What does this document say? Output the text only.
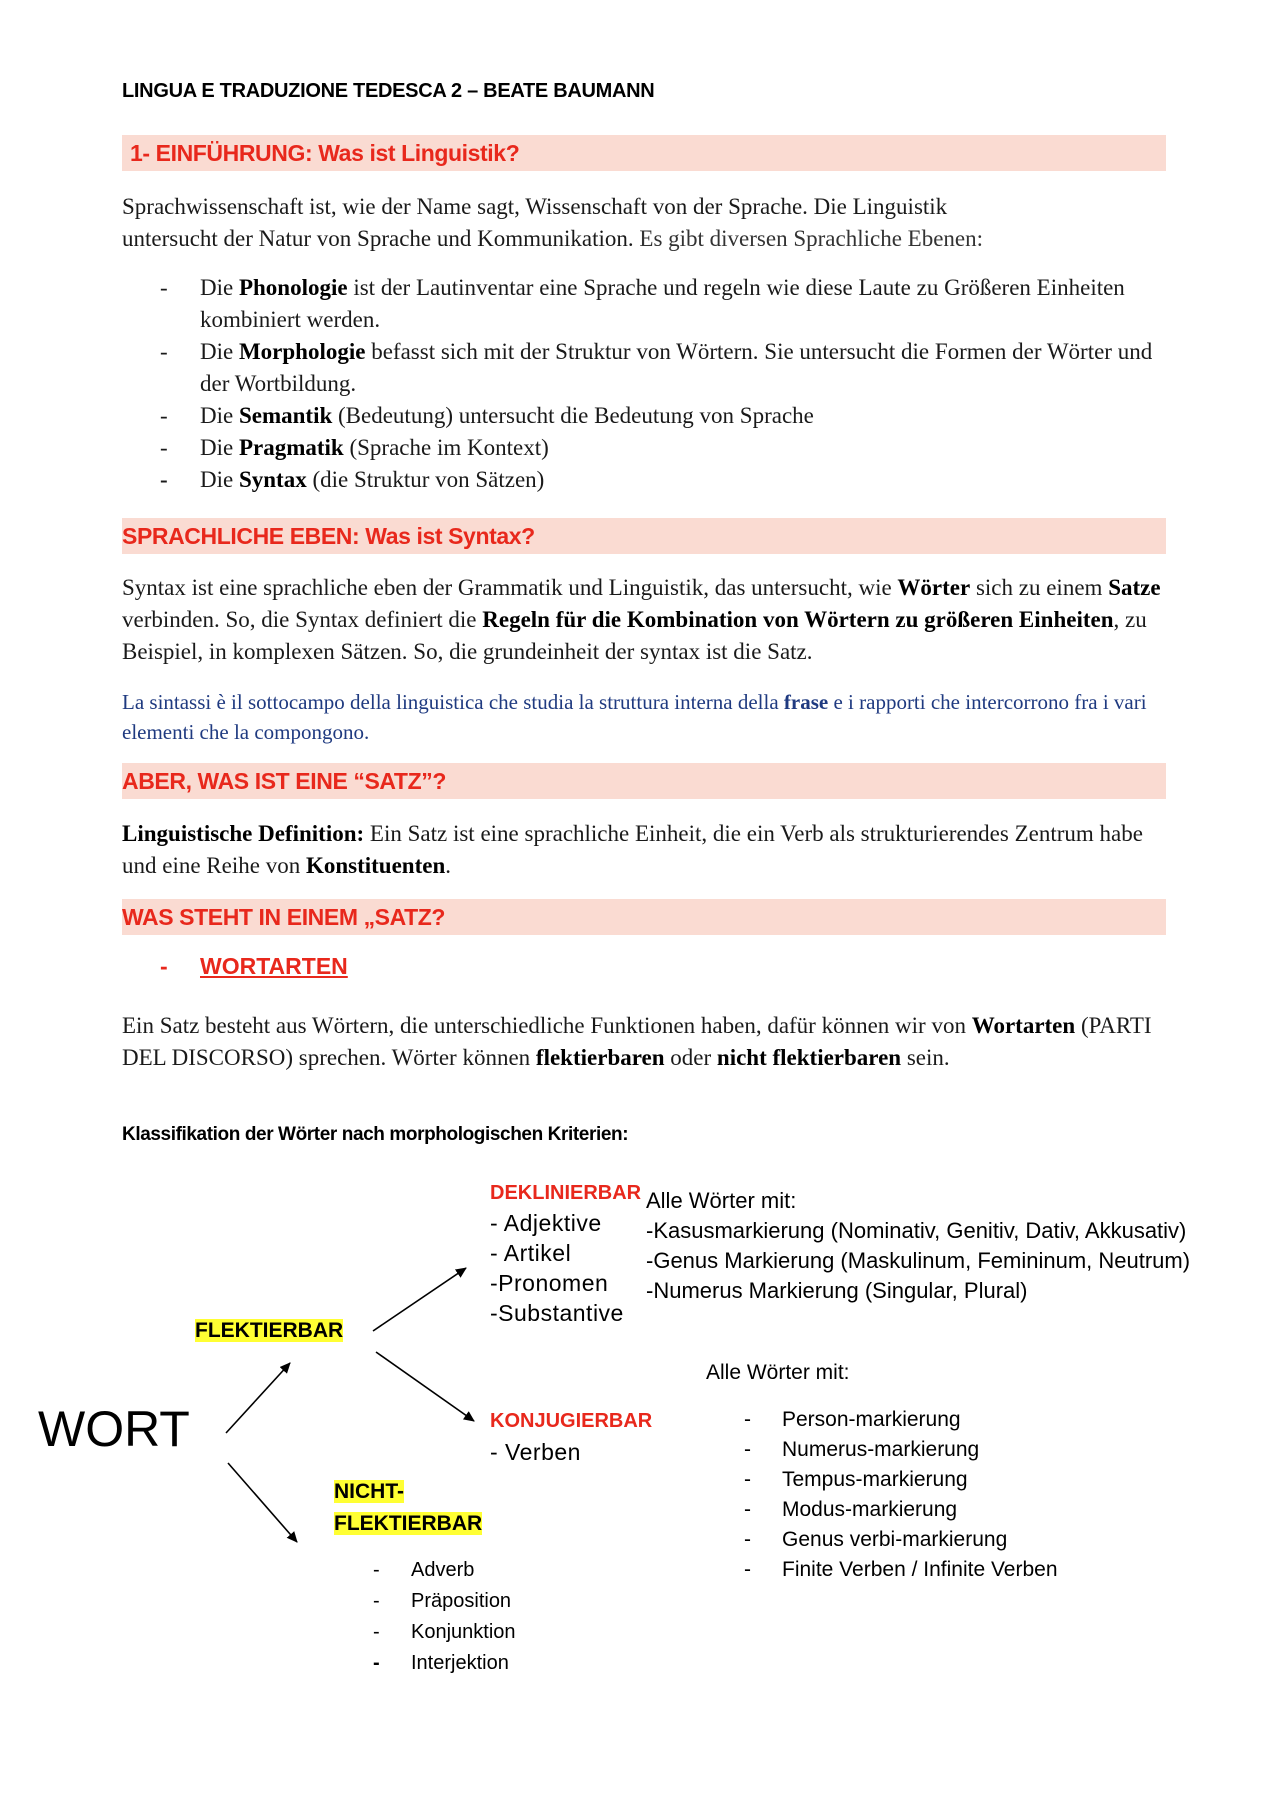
LINGUA E TRADUZIONE TEDESCA 2 – BEATE BAUMANN
1- EINFÜHRUNG: Was ist Linguistik?
Sprachwissenschaft ist, wie der Name sagt, Wissenschaft von der Sprache. Die Linguistik
untersucht der Natur von Sprache und Kommunikation. Es gibt diversen Sprachliche Ebenen:
- Die Phonologie ist der Lautinventar eine Sprache und regeln wie diese Laute zu Größeren Einheiten kombiniert werden.
- Die Morphologie befasst sich mit der Struktur von Wörtern. Sie untersucht die Formen der Wörter und der Wortbildung.
- Die Semantik (Bedeutung) untersucht die Bedeutung von Sprache
- Die Pragmatik (Sprache im Kontext)
- Die Syntax (die Struktur von Sätzen)
SPRACHLICHE EBEN: Was ist Syntax?
Syntax ist eine sprachliche eben der Grammatik und Linguistik, das untersucht, wie Wörter sich zu einem Satze verbinden. So, die Syntax definiert die Regeln für die Kombination von Wörtern zu größeren Einheiten, zu Beispiel, in komplexen Sätzen. So, die grundeinheit der syntax ist die Satz.
La sintassi è il sottocampo della linguistica che studia la struttura interna della frase e i rapporti che intercorrono fra i vari elementi che la compongono.
ABER, WAS IST EINE “SATZ”?
Linguistische Definition: Ein Satz ist eine sprachliche Einheit, die ein Verb als strukturierendes Zentrum habe und eine Reihe von Konstituenten.
WAS STEHT IN EINEM „SATZ?
- WORTARTEN
Ein Satz besteht aus Wörtern, die unterschiedliche Funktionen haben, dafür können wir von Wortarten (PARTI DEL DISCORSO) sprechen. Wörter können flektierbaren oder nicht flektierbaren sein.
Klassifikation der Wörter nach morphologischen Kriterien:
WORT
FLEKTIERBAR
NICHT-
FLEKTIERBAR
DEKLINIERBAR
- Adjektive
- Artikel
-Pronomen
-Substantive
Alle Wörter mit:
-Kasusmarkierung (Nominativ, Genitiv, Dativ, Akkusativ)
-Genus Markierung (Maskulinum, Femininum, Neutrum)
-Numerus Markierung (Singular, Plural)
Alle Wörter mit:
KONJUGIERBAR
- Verben
- Person-markierung
- Numerus-markierung
- Tempus-markierung
- Modus-markierung
- Genus verbi-markierung
- Finite Verben / Infinite Verben
- Adverb
- Präposition
- Konjunktion
- Interjektion
